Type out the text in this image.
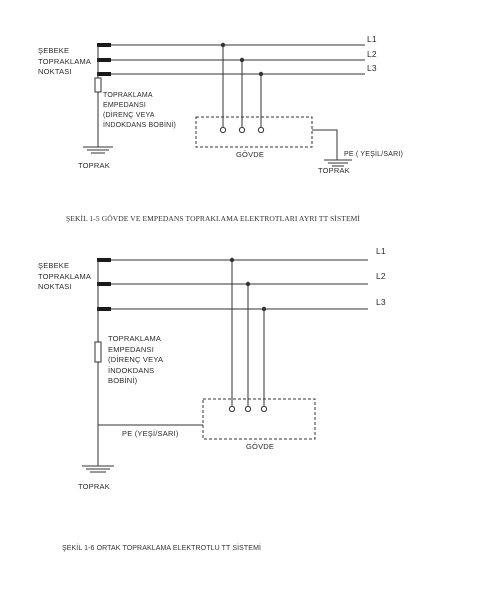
ŞEBEKE
TOPRAKLAMA
NOKTASI
L1
L2
L3
TOPRAKLAMA
EMPEDANSI
(DİRENÇ VEYA
İNDOKDANS BOBİNİ)
TOPRAK
GÖVDE	PE ( YEŞİL/SARI)
TOPRAK
ŞEKİL 1-5 GÖVDE VE EMPEDANS TOPRAKLAMA ELEKTROTLARI AYRI TT SİSTEMİ
ŞEBEKE
TOPRAKLAMA
NOKTASI
L1
L2
L3
TOPRAKLAMA
EMPEDANSI
(DİRENÇ VEYA
İNDOKDANS
BOBİNİ)
PE (YEŞİ/SARI)
GÖVDE
TOPRAK
ŞEKİL 1-6 ORTAK TOPRAKLAMA ELEKTROTLU TT SİSTEMİ
